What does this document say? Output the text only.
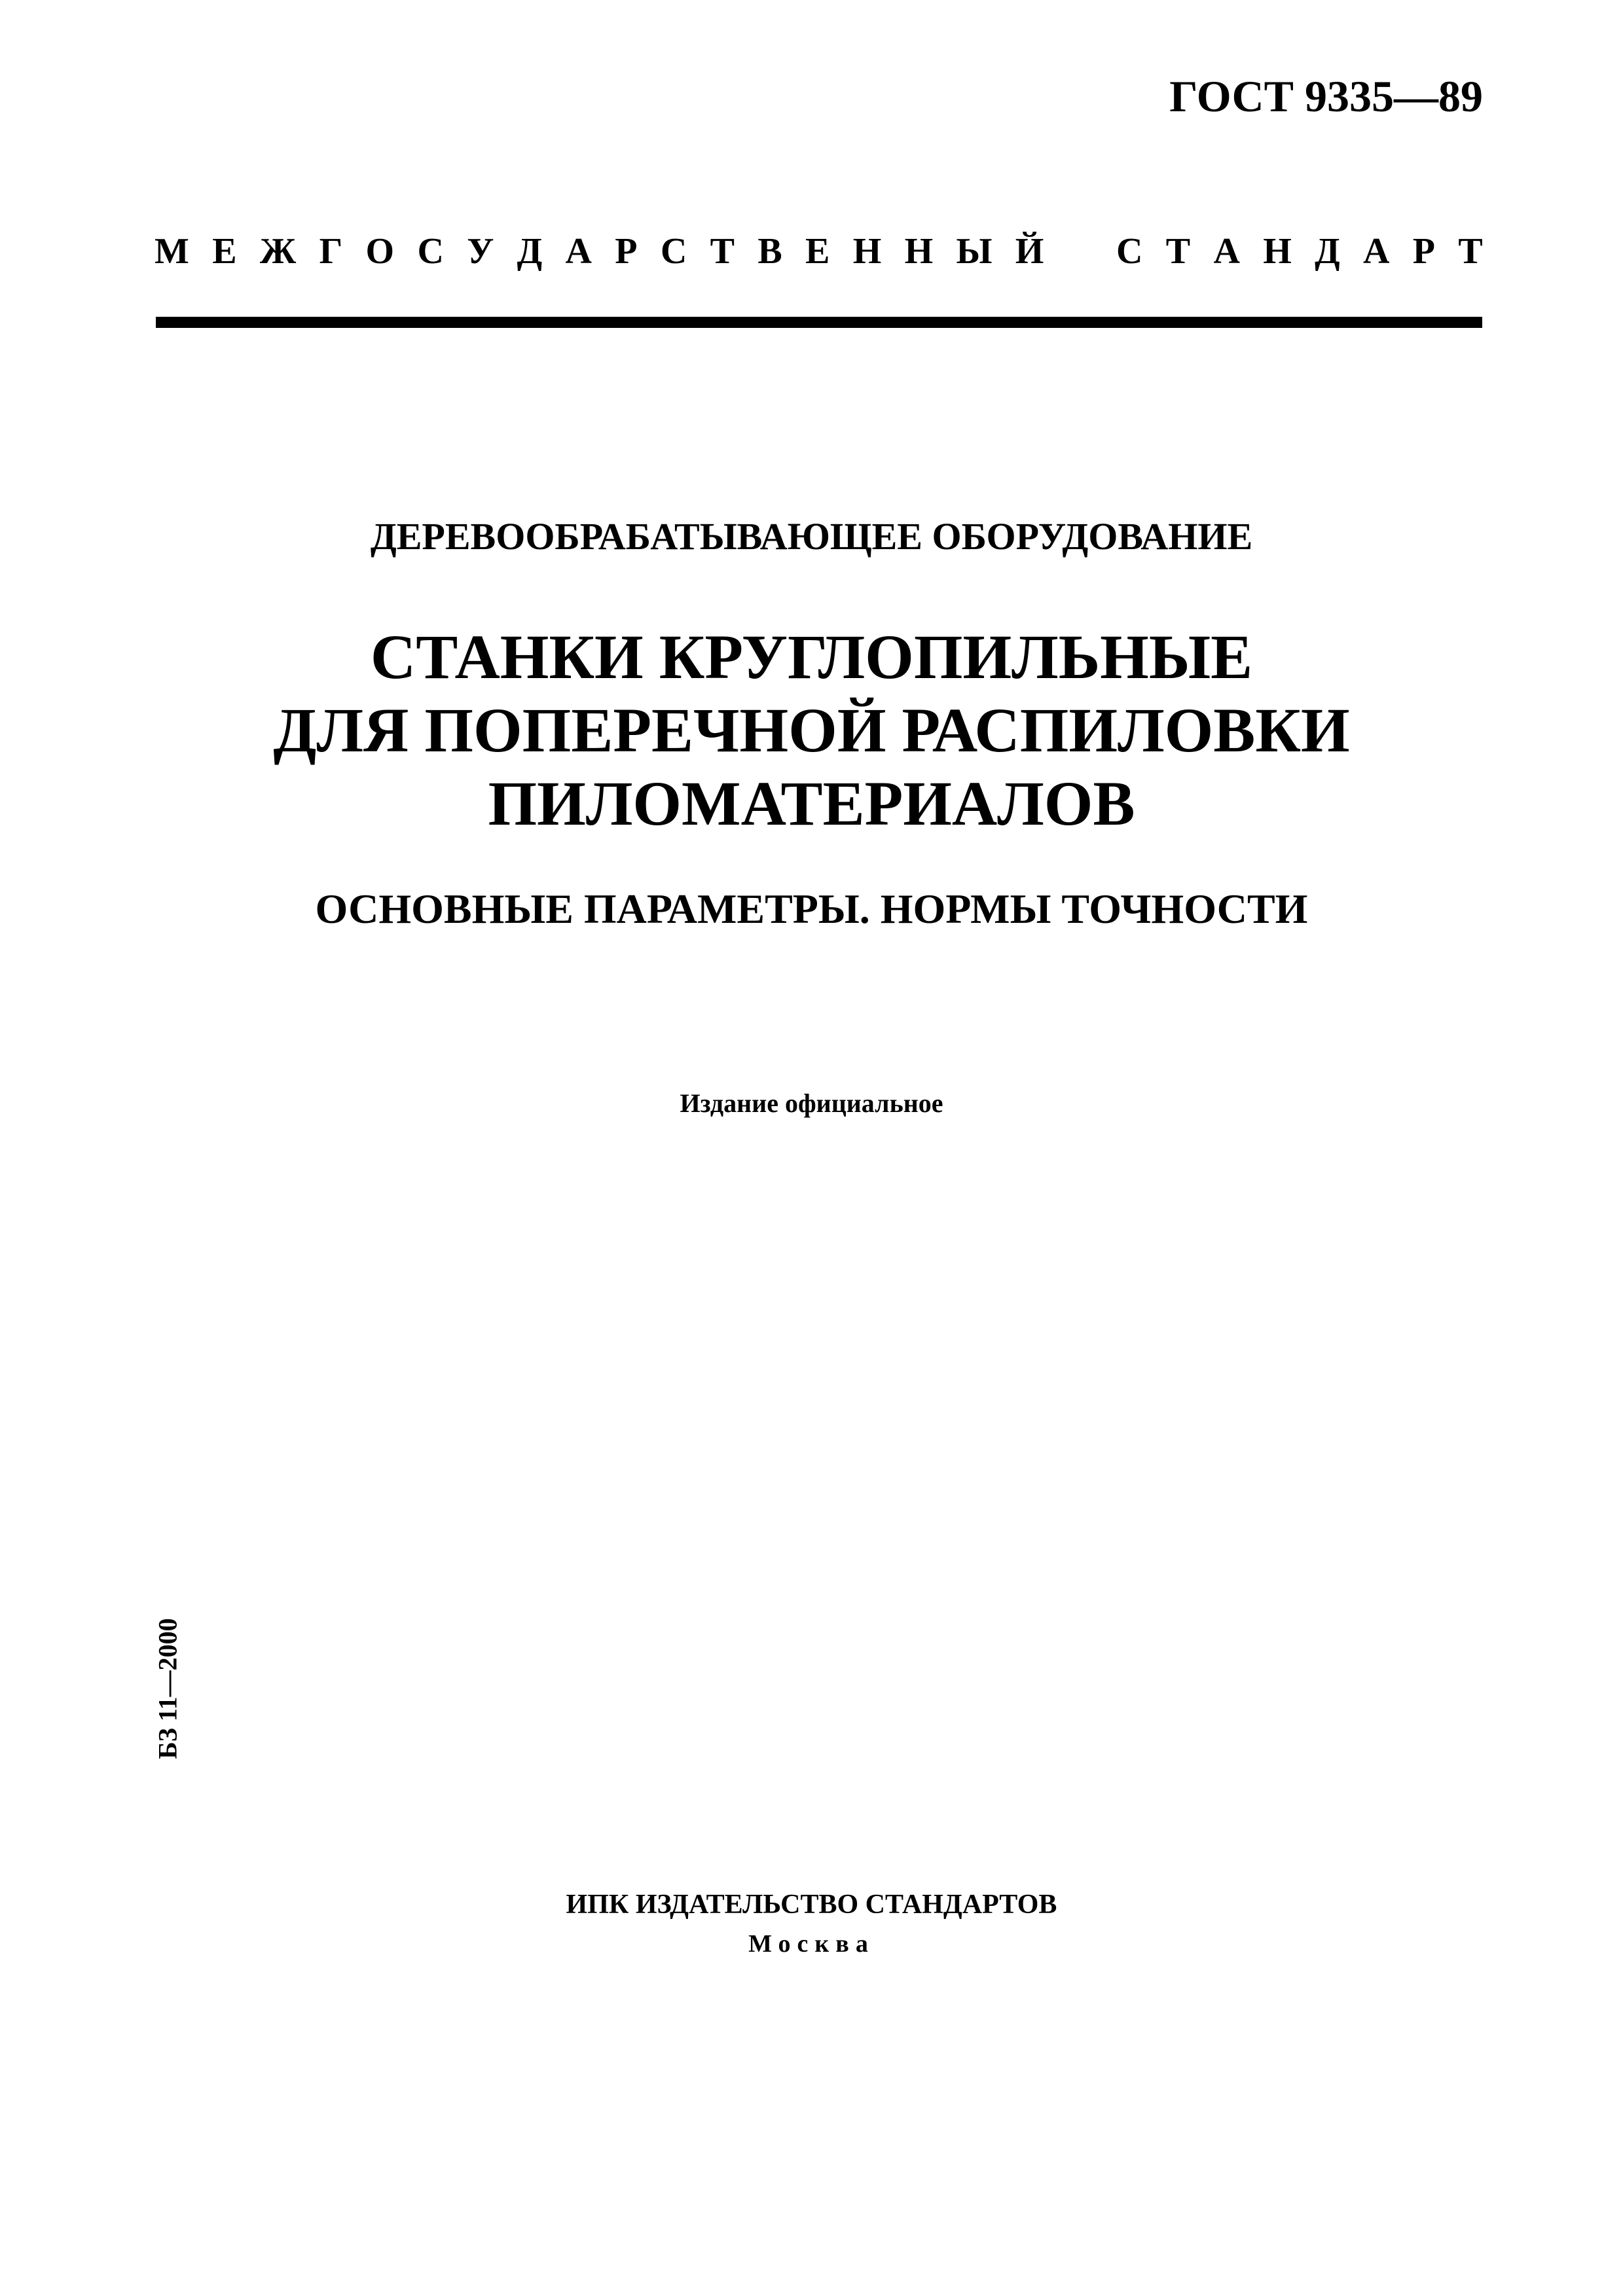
ГОСТ 9335—89
М Е Ж Г О С У Д А Р С Т В Е Н Н Ы Й С Т А Н Д А Р Т
ДЕРЕВООБРАБАТЫВАЮЩЕЕ ОБОРУДОВАНИЕ
СТАНКИ КРУГЛОПИЛЬНЫЕ
ДЛЯ ПОПЕРЕЧНОЙ РАСПИЛОВКИ
ПИЛОМАТЕРИАЛОВ
ОСНОВНЫЕ ПАРАМЕТРЫ. НОРМЫ ТОЧНОСТИ
Издание официальное
БЗ 11—2000
ИПК ИЗДАТЕЛЬСТВО СТАНДАРТОВ
Москва
